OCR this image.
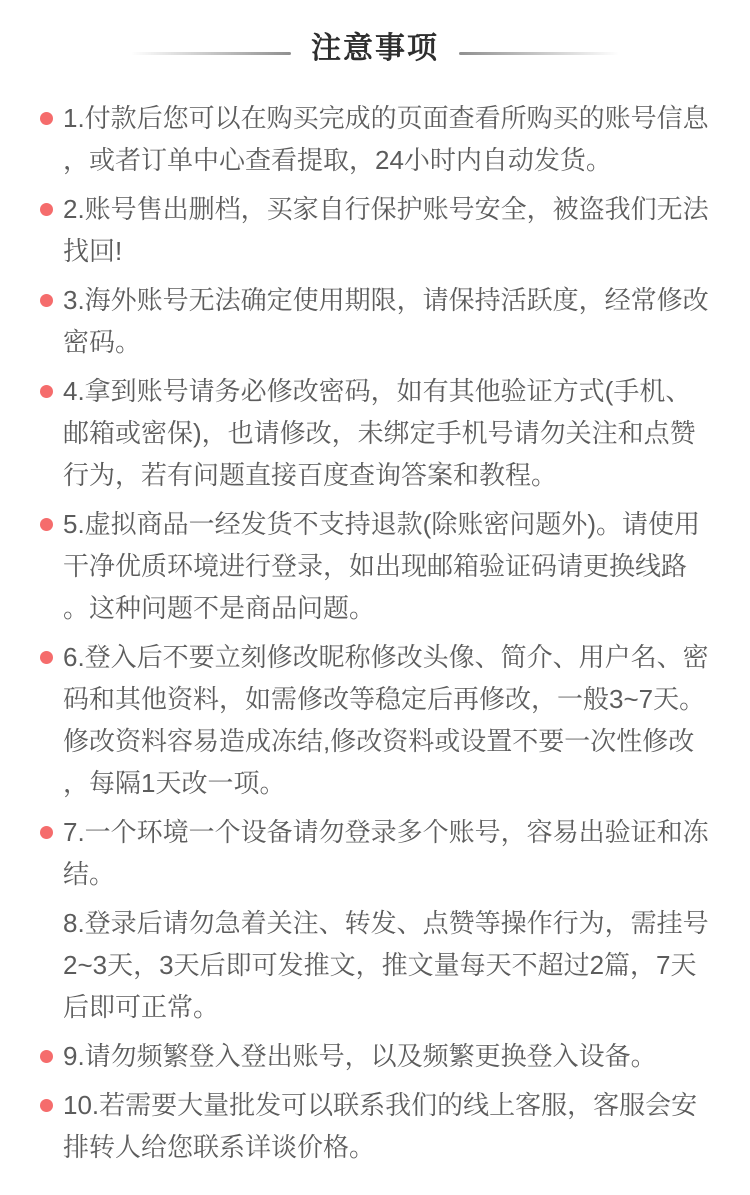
注意事项

1.付款后您可以在购买完成的页面查看所购买的账号信息，或者订单中心查看提取，24小时内自动发货。

2.账号售出删档，买家自行保护账号安全，被盗我们无法找回!

3.海外账号无法确定使用期限，请保持活跃度，经常修改密码。

4.拿到账号请务必修改密码，如有其他验证方式(手机、邮箱或密保)，也请修改，未绑定手机号请勿关注和点赞行为，若有问题直接百度查询答案和教程。

5.虚拟商品一经发货不支持退款(除账密问题外)。请使用干净优质环境进行登录，如出现邮箱验证码请更换线路。这种问题不是商品问题。

6.登入后不要立刻修改昵称修改头像、简介、用户名、密码和其他资料，如需修改等稳定后再修改，一般3~7天。修改资料容易造成冻结,修改资料或设置不要一次性修改，每隔1天改一项。

7.一个环境一个设备请勿登录多个账号，容易出验证和冻结。

8.登录后请勿急着关注、转发、点赞等操作行为，需挂号2~3天，3天后即可发推文，推文量每天不超过2篇，7天后即可正常。

9.请勿频繁登入登出账号，以及频繁更换登入设备。

10.若需要大量批发可以联系我们的线上客服，客服会安排转人给您联系详谈价格。
